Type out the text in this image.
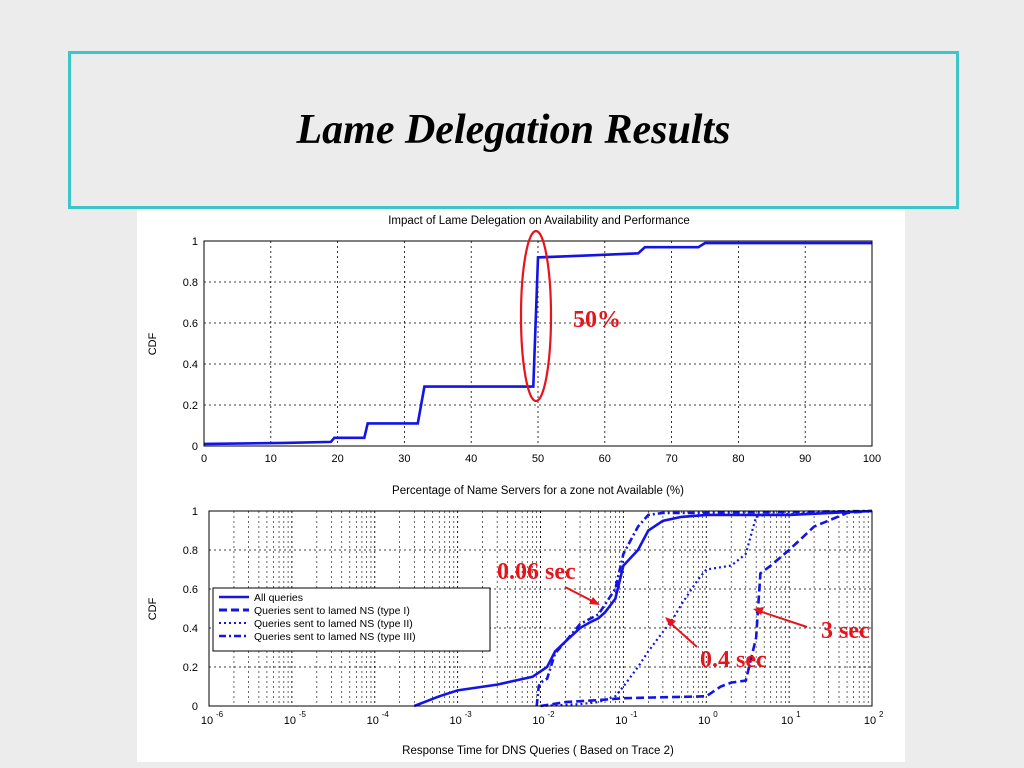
Lame Delegation Results
Impact of Lame Delegation on Availability and Performance
0	10	20	30	40	50	60	70	80	90	100
0
0.2
0.4
0.6
0.8
1
CDF
Percentage of Name Servers for a zone not Available (%)
50%
10
-6
10
-5
10
-4
10
-3
10
-2
10
-1
10
0
10
1
10
2
0
0.2
0.4
0.6
0.8
1
CDF
Response Time for DNS Queries ( Based on Trace 2)
All queries
Queries sent to lamed NS (type I)
Queries sent to lamed NS (type II)
Queries sent to lamed NS (type III)
0.06 sec
3 sec
0.4 sec
